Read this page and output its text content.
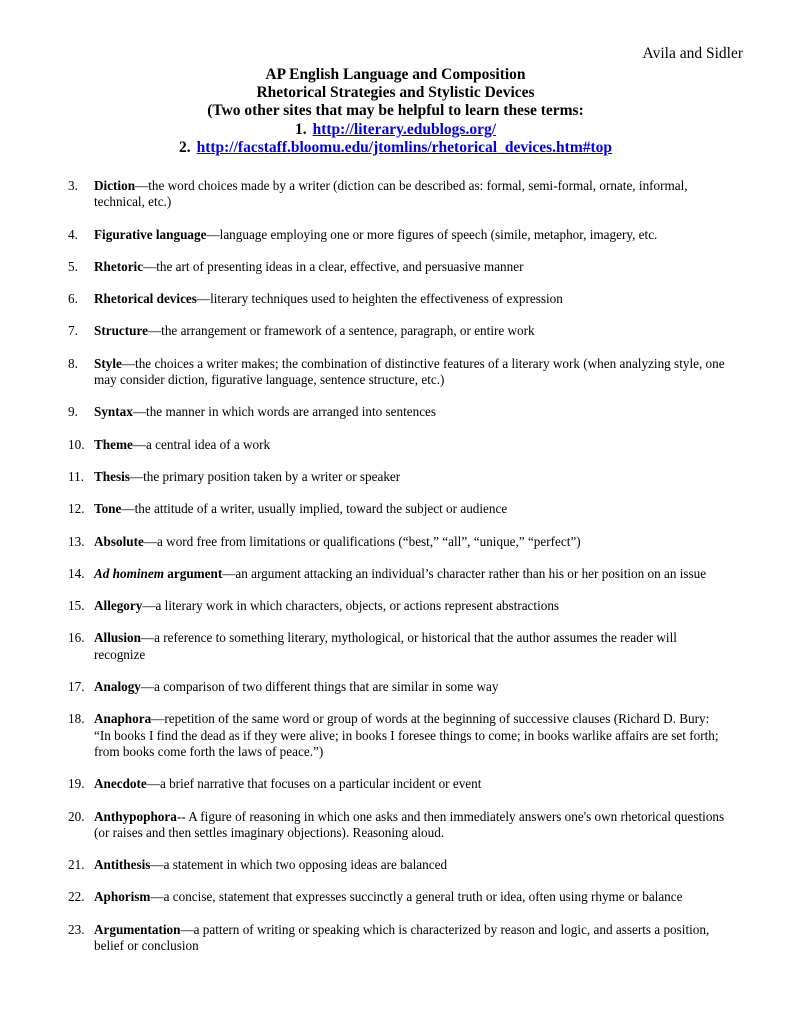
Avila and Sidler
AP English Language and Composition
Rhetorical Strategies and Stylistic Devices
(Two other sites that may be helpful to learn these terms:
1. http://literary.edublogs.org/
2. http://facstaff.bloomu.edu/jtomlins/rhetorical_devices.htm#top
3. Diction—the word choices made by a writer (diction can be described as: formal, semi-formal, ornate, informal, technical, etc.)
4. Figurative language—language employing one or more figures of speech (simile, metaphor, imagery, etc.
5. Rhetoric—the art of presenting ideas in a clear, effective, and persuasive manner
6. Rhetorical devices—literary techniques used to heighten the effectiveness of expression
7. Structure—the arrangement or framework of a sentence, paragraph, or entire work
8. Style—the choices a writer makes; the combination of distinctive features of a literary work (when analyzing style, one may consider diction, figurative language, sentence structure, etc.)
9. Syntax—the manner in which words are arranged into sentences
10. Theme—a central idea of a work
11. Thesis—the primary position taken by a writer or speaker
12. Tone—the attitude of a writer, usually implied, toward the subject or audience
13. Absolute—a word free from limitations or qualifications (“best,” “all”, “unique,” “perfect”)
14. Ad hominem argument—an argument attacking an individual’s character rather than his or her position on an issue
15. Allegory—a literary work in which characters, objects, or actions represent abstractions
16. Allusion—a reference to something literary, mythological, or historical that the author assumes the reader will recognize
17. Analogy—a comparison of two different things that are similar in some way
18. Anaphora—repetition of the same word or group of words at the beginning of successive clauses (Richard D. Bury: “In books I find the dead as if they were alive; in books I foresee things to come; in books warlike affairs are set forth; from books come forth the laws of peace.”)
19. Anecdote—a brief narrative that focuses on a particular incident or event
20. Anthypophora-- A figure of reasoning in which one asks and then immediately answers one's own rhetorical questions (or raises and then settles imaginary objections). Reasoning aloud.
21. Antithesis—a statement in which two opposing ideas are balanced
22. Aphorism—a concise, statement that expresses succinctly a general truth or idea, often using rhyme or balance
23. Argumentation—a pattern of writing or speaking which is characterized by reason and logic, and asserts a position, belief or conclusion
